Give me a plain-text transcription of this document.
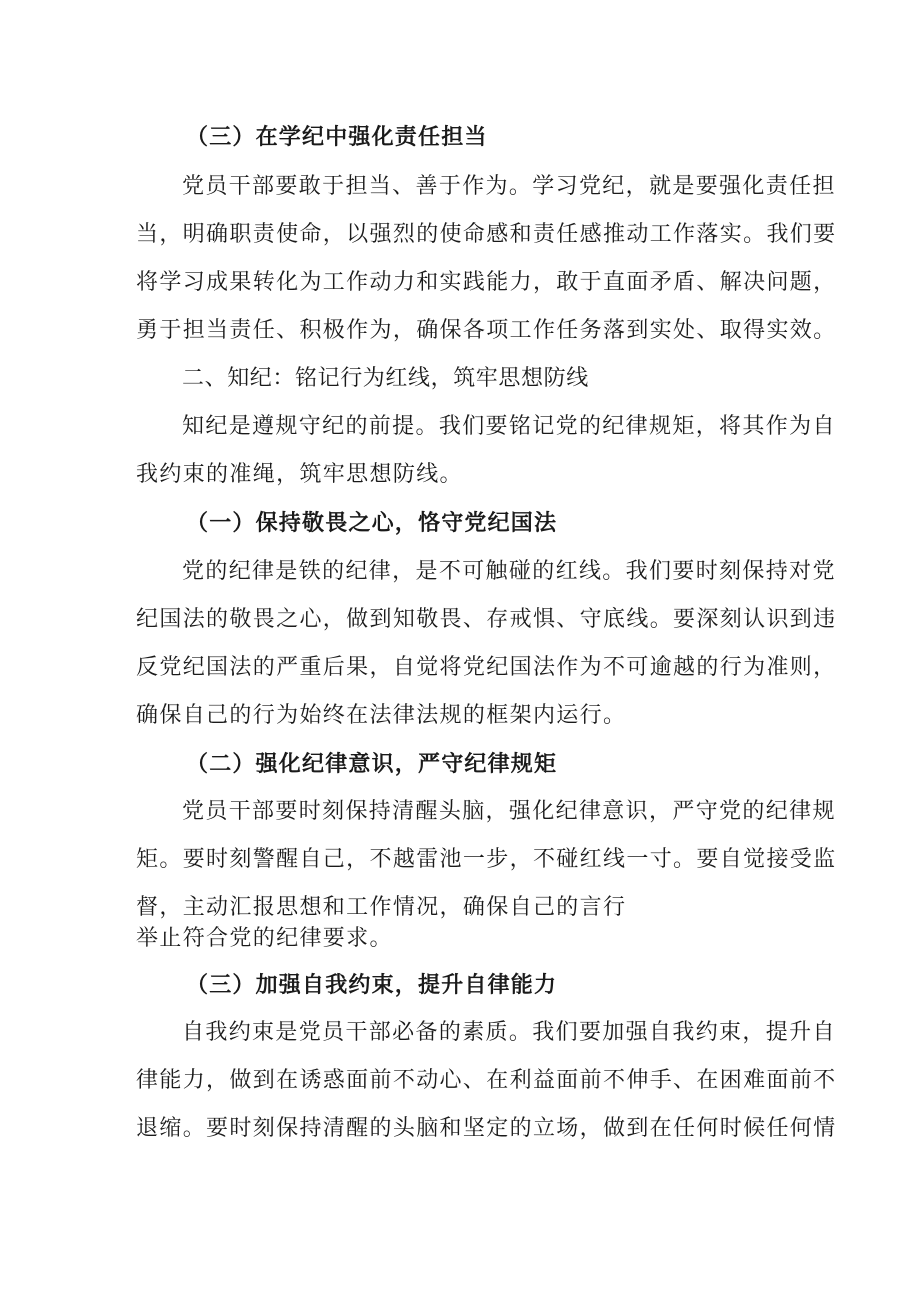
（三）在学纪中强化责任担当
党员干部要敢于担当、善于作为。学习党纪，就是要强化责任担
当，明确职责使命，以强烈的使命感和责任感推动工作落实。我们要
将学习成果转化为工作动力和实践能力，敢于直面矛盾、解决问题，
勇于担当责任、积极作为，确保各项工作任务落到实处、取得实效。
二、知纪：铭记行为红线，筑牢思想防线
知纪是遵规守纪的前提。我们要铭记党的纪律规矩，将其作为自
我约束的准绳，筑牢思想防线。
（一）保持敬畏之心，恪守党纪国法
党的纪律是铁的纪律，是不可触碰的红线。我们要时刻保持对党
纪国法的敬畏之心，做到知敬畏、存戒惧、守底线。要深刻认识到违
反党纪国法的严重后果，自觉将党纪国法作为不可逾越的行为准则，
确保自己的行为始终在法律法规的框架内运行。
（二）强化纪律意识，严守纪律规矩
党员干部要时刻保持清醒头脑，强化纪律意识，严守党的纪律规
矩。要时刻警醒自己，不越雷池一步，不碰红线一寸。要自觉接受监
督，主动汇报思想和工作情况，确保自己的言行
举止符合党的纪律要求。
（三）加强自我约束，提升自律能力
自我约束是党员干部必备的素质。我们要加强自我约束，提升自
律能力，做到在诱惑面前不动心、在利益面前不伸手、在困难面前不
退缩。要时刻保持清醒的头脑和坚定的立场，做到在任何时候任何情
